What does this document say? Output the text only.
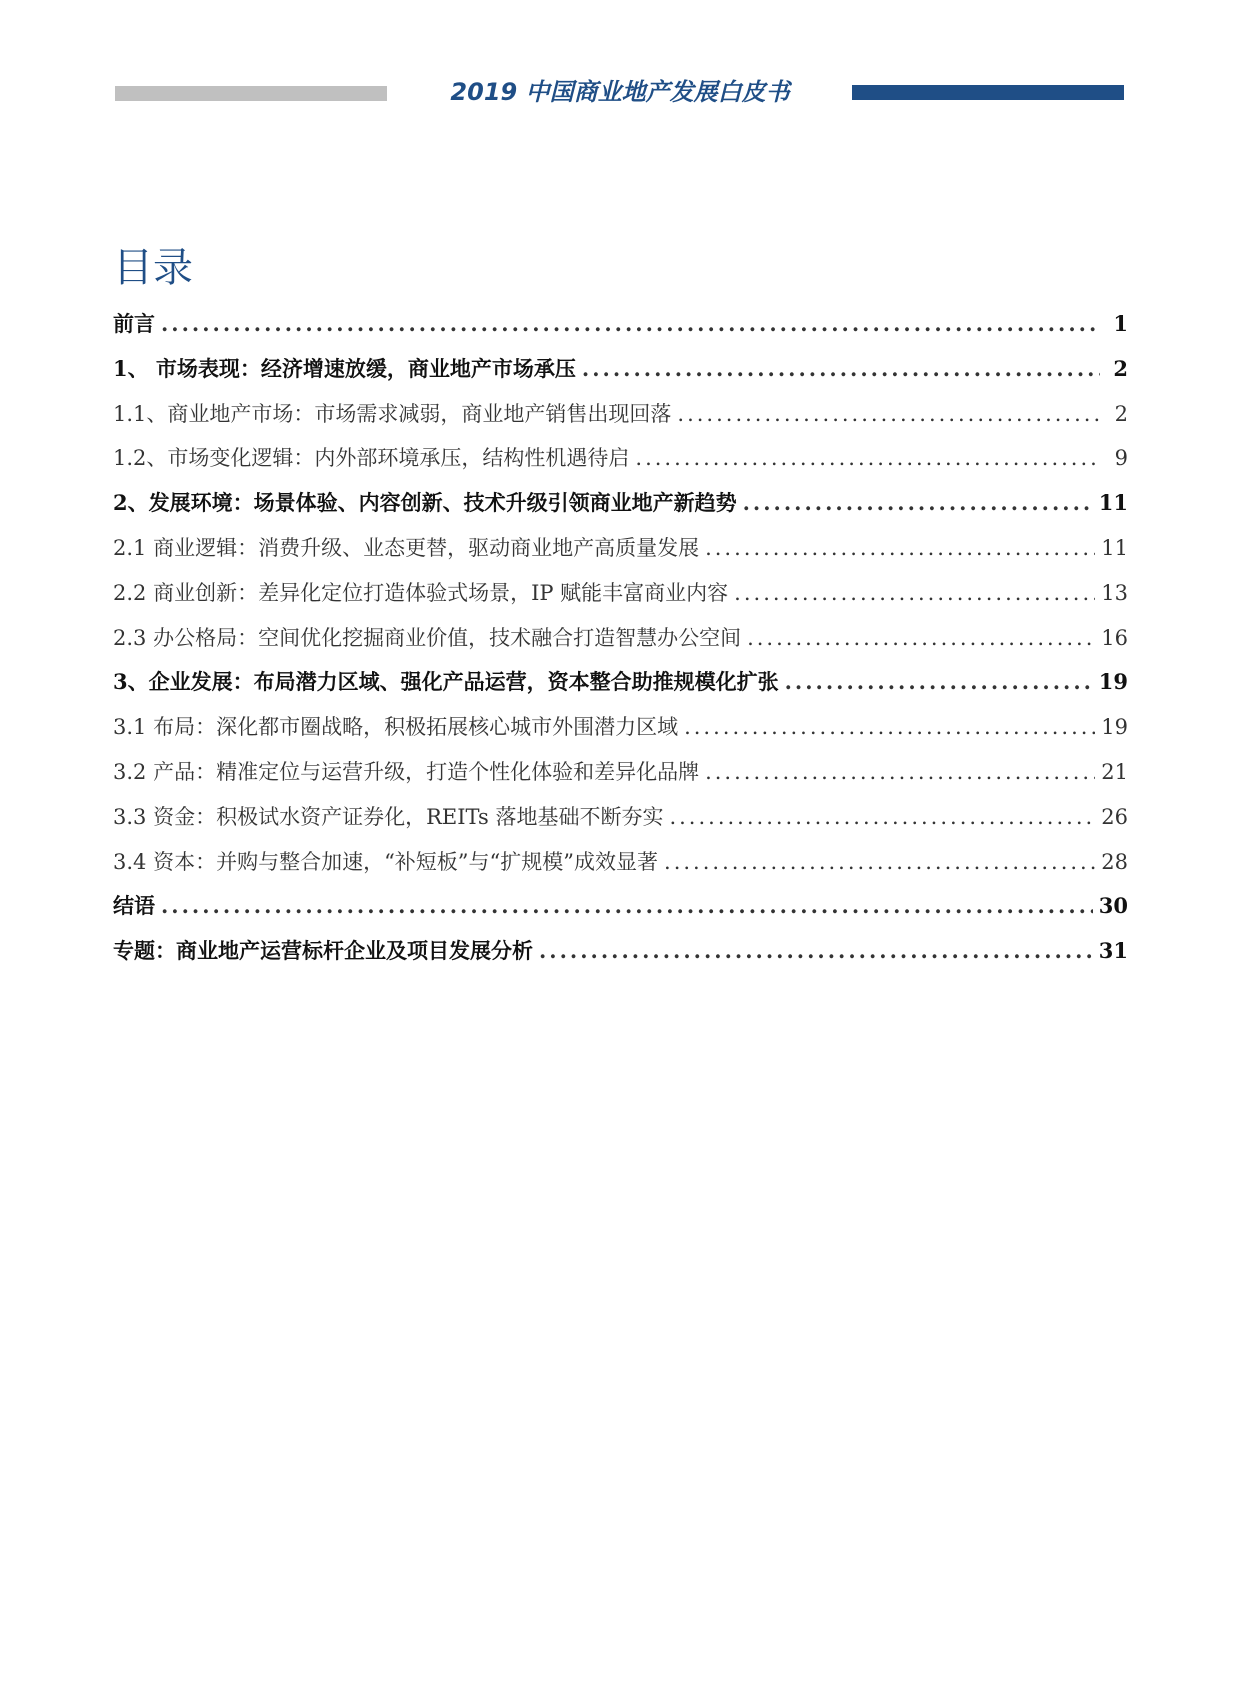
2019 中国商业地产发展白皮书
目录
前言 .....	1
1、 市场表现：经济增速放缓，商业地产市场承压 .....	2
1.1、商业地产市场：市场需求减弱，商业地产销售出现回落 .....	2
1.2、市场变化逻辑：内外部环境承压，结构性机遇待启 .....	9
2、发展环境：场景体验、内容创新、技术升级引领商业地产新趋势 .....	11
2.1 商业逻辑：消费升级、业态更替，驱动商业地产高质量发展 .....	11
2.2 商业创新：差异化定位打造体验式场景，IP 赋能丰富商业内容 .....	13
2.3 办公格局：空间优化挖掘商业价值，技术融合打造智慧办公空间 .....	16
3、企业发展：布局潜力区域、强化产品运营，资本整合助推规模化扩张 .....	19
3.1 布局：深化都市圈战略，积极拓展核心城市外围潜力区域 .....	19
3.2 产品：精准定位与运营升级，打造个性化体验和差异化品牌 .....	21
3.3 资金：积极试水资产证券化，REITs 落地基础不断夯实 .....	26
3.4 资本：并购与整合加速，“补短板”与“扩规模”成效显著 .....	28
结语 .....	30
专题：商业地产运营标杆企业及项目发展分析 .....	31
